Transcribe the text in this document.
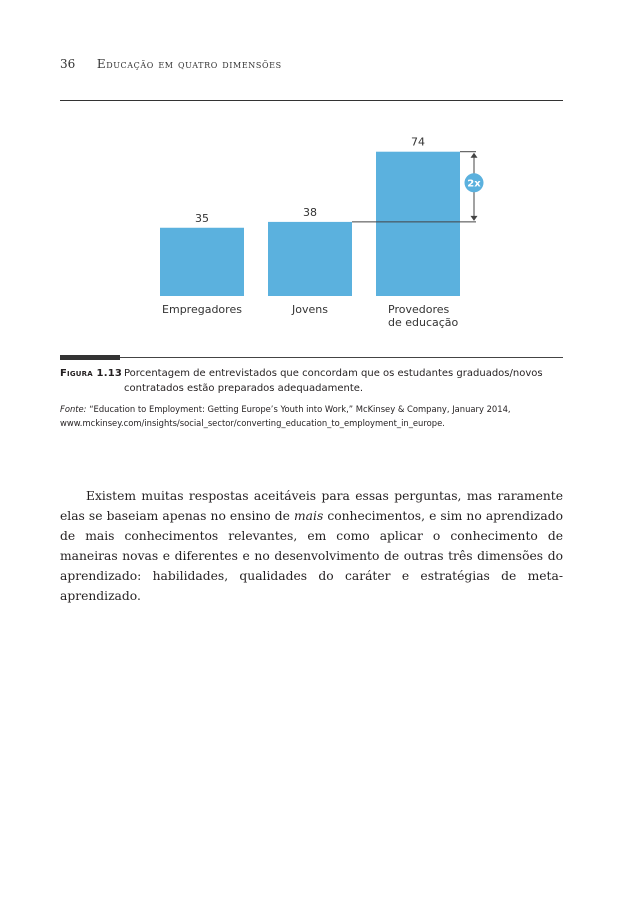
36 Educação em quatro dimensões
35
Empregadores
38
Jovens
74
Provedores
de educação
2x
Figura 1.13 Porcentagem de entrevistados que concordam que os estudantes graduados/novos contratados estão preparados adequadamente.
Fonte: “Education to Employment: Getting Europe’s Youth into Work,” McKinsey & Company, January 2014, www.mckinsey.com/insights/social_sector/converting_education_to_employment_in_europe.

Existem muitas respostas aceitáveis para essas perguntas, mas raramente elas se baseiam apenas no ensino de mais conhecimentos, e sim no aprendizado de mais conhecimentos relevantes, em como aplicar o conhecimento de maneiras novas e diferentes e no desenvolvimento de outras três dimensões do aprendizado: habilidades, qualidades do caráter e estratégias de meta-aprendizado.
